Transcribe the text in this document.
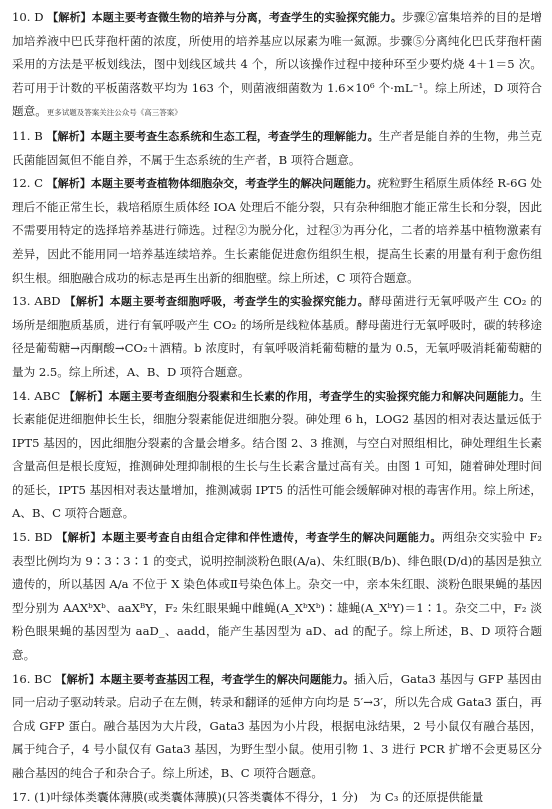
10. D 【解析】本题主要考查微生物的培养与分离，考查学生的实验探究能力。步骤②富集培养的目的是增加培养液中巴氏芽孢杆菌的浓度，所使用的培养基应以尿素为唯一氮源。步骤⑤分离纯化巴氏芽孢杆菌采用的方法是平板划线法，图中划线区域共 4 个，所以该操作过程中接种环至少要灼烧 4＋1＝5 次。若可用于计数的平板菌落数平均为 163 个，则菌液细菌数为 1.6×10⁶ 个·mL⁻¹。综上所述，D 项符合题意。更多试题及答案关注公众号《高三答案》

11. B 【解析】本题主要考查生态系统和生态工程，考查学生的理解能力。生产者是能自养的生物，弗兰克氏菌能固氮但不能自养，不属于生态系统的生产者，B 项符合题意。

12. C 【解析】本题主要考查植物体细胞杂交，考查学生的解决问题能力。疣粒野生稻原生质体经 R-6G 处理后不能正常生长，栽培稻原生质体经 IOA 处理后不能分裂，只有杂种细胞才能正常生长和分裂，因此不需要用特定的选择培养基进行筛选。过程②为脱分化，过程③为再分化，二者的培养基中植物激素有差异，因此不能用同一培养基连续培养。生长素能促进愈伤组织生根，提高生长素的用量有利于愈伤组织生根。细胞融合成功的标志是再生出新的细胞壁。综上所述，C 项符合题意。

13. ABD 【解析】本题主要考查细胞呼吸，考查学生的实验探究能力。酵母菌进行无氧呼吸产生 CO₂ 的场所是细胞质基质，进行有氧呼吸产生 CO₂ 的场所是线粒体基质。酵母菌进行无氧呼吸时，碳的转移途径是葡萄糖→丙酮酸→CO₂＋酒精。b 浓度时，有氧呼吸消耗葡萄糖的量为 0.5，无氧呼吸消耗葡萄糖的量为 2.5。综上所述，A、B、D 项符合题意。

14. ABC 【解析】本题主要考查细胞分裂素和生长素的作用，考查学生的实验探究能力和解决问题能力。生长素能促进细胞伸长生长，细胞分裂素能促进细胞分裂。砷处理 6 h，LOG2 基因的相对表达量远低于 IPT5 基因的，因此细胞分裂素的含量会增多。结合图 2、3 推测，与空白对照组相比，砷处理组生长素含量高但是根长度短，推测砷处理抑制根的生长与生长素含量过高有关。由图 1 可知，随着砷处理时间的延长，IPT5 基因相对表达量增加，推测减弱 IPT5 的活性可能会缓解砷对根的毒害作用。综上所述，A、B、C 项符合题意。

15. BD 【解析】本题主要考查自由组合定律和伴性遗传，考查学生的解决问题能力。两组杂交实验中 F₂ 表型比例均为 9∶3∶3∶1 的变式，说明控制淡粉色眼(A/a)、朱红眼(B/b)、绯色眼(D/d)的基因是独立遗传的，所以基因 A/a 不位于 X 染色体或Ⅱ号染色体上。杂交一中，亲本朱红眼、淡粉色眼果蝇的基因型分别为 AAXᵇXᵇ、aaXᴮY，F₂ 朱红眼果蝇中雌蝇(A_XᵇXᵇ)∶雄蝇(A_XᵇY)＝1∶1。杂交二中，F₂ 淡粉色眼果蝇的基因型为 aaD_、aadd，能产生基因型为 aD、ad 的配子。综上所述，B、D 项符合题意。

16. BC 【解析】本题主要考查基因工程，考查学生的解决问题能力。插入后，Gata3 基因与 GFP 基因由同一启动子驱动转录。启动子在左侧，转录和翻译的延伸方向均是 5′→3′，所以先合成 Gata3 蛋白，再合成 GFP 蛋白。融合基因为大片段，Gata3 基因为小片段，根据电泳结果，2 号小鼠仅有融合基因，属于纯合子，4 号小鼠仅有 Gata3 基因，为野生型小鼠。使用引物 1、3 进行 PCR 扩增不会更易区分融合基因的纯合子和杂合子。综上所述，B、C 项符合题意。

17. (1)叶绿体类囊体薄膜(或类囊体薄膜)(只答类囊体不得分，1 分)　为 C₃ 的还原提供能量
